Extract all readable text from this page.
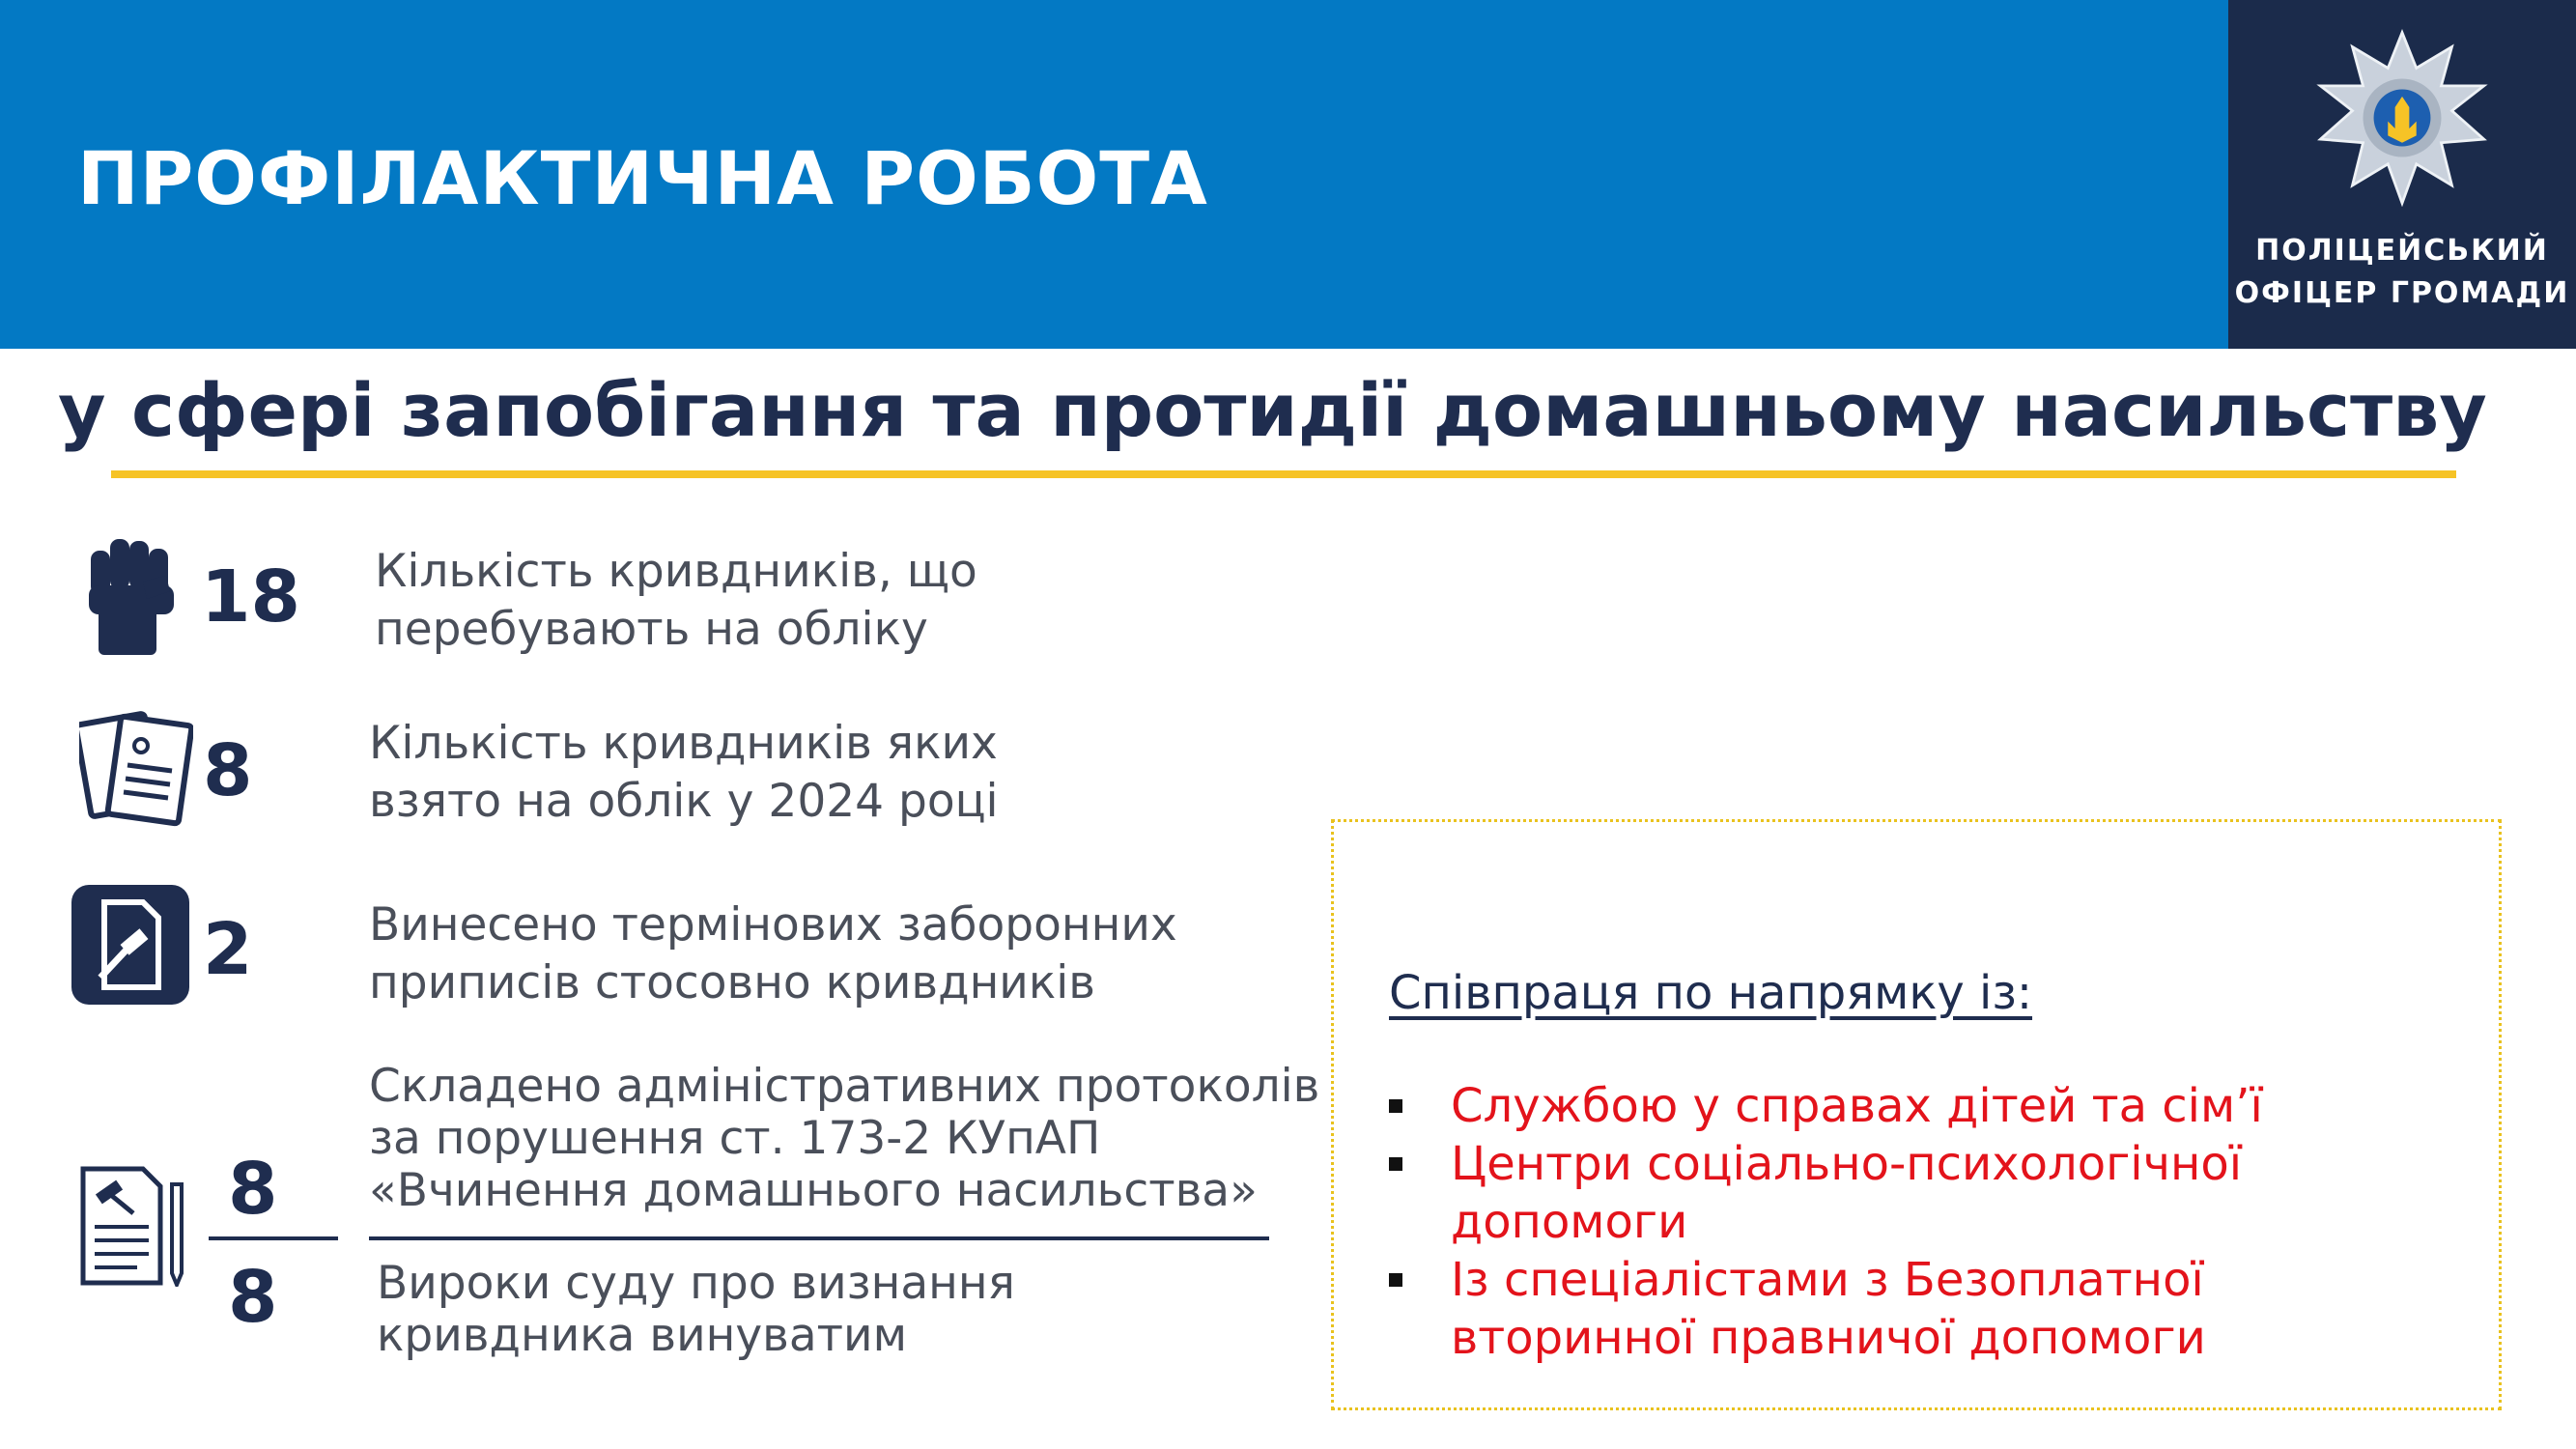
ПРОФІЛАКТИЧНА РОБОТА
ПОЛІЦЕЙСЬКИЙ
ОФІЦЕР ГРОМАДИ
у сфері запобігання та протидії домашньому насильству
18 Кількість кривдників, що
перебувають на обліку
8	Кількість кривдників яких
взято на облік у 2024 році
2	Винесено термінових заборонних
приписів стосовно кривдників
8
8
Складено адміністративних протоколів
за порушення ст. 173-2 КУпАП
«Вчинення домашнього насильства»
Вироки суду про визнання
кривдника винуватим
Співпраця по напрямку із:
Службою у справах дітей та сім’ї
Центри соціально-психологічної
допомоги
Із спеціалістами з Безоплатної
вторинної правничої допомоги
